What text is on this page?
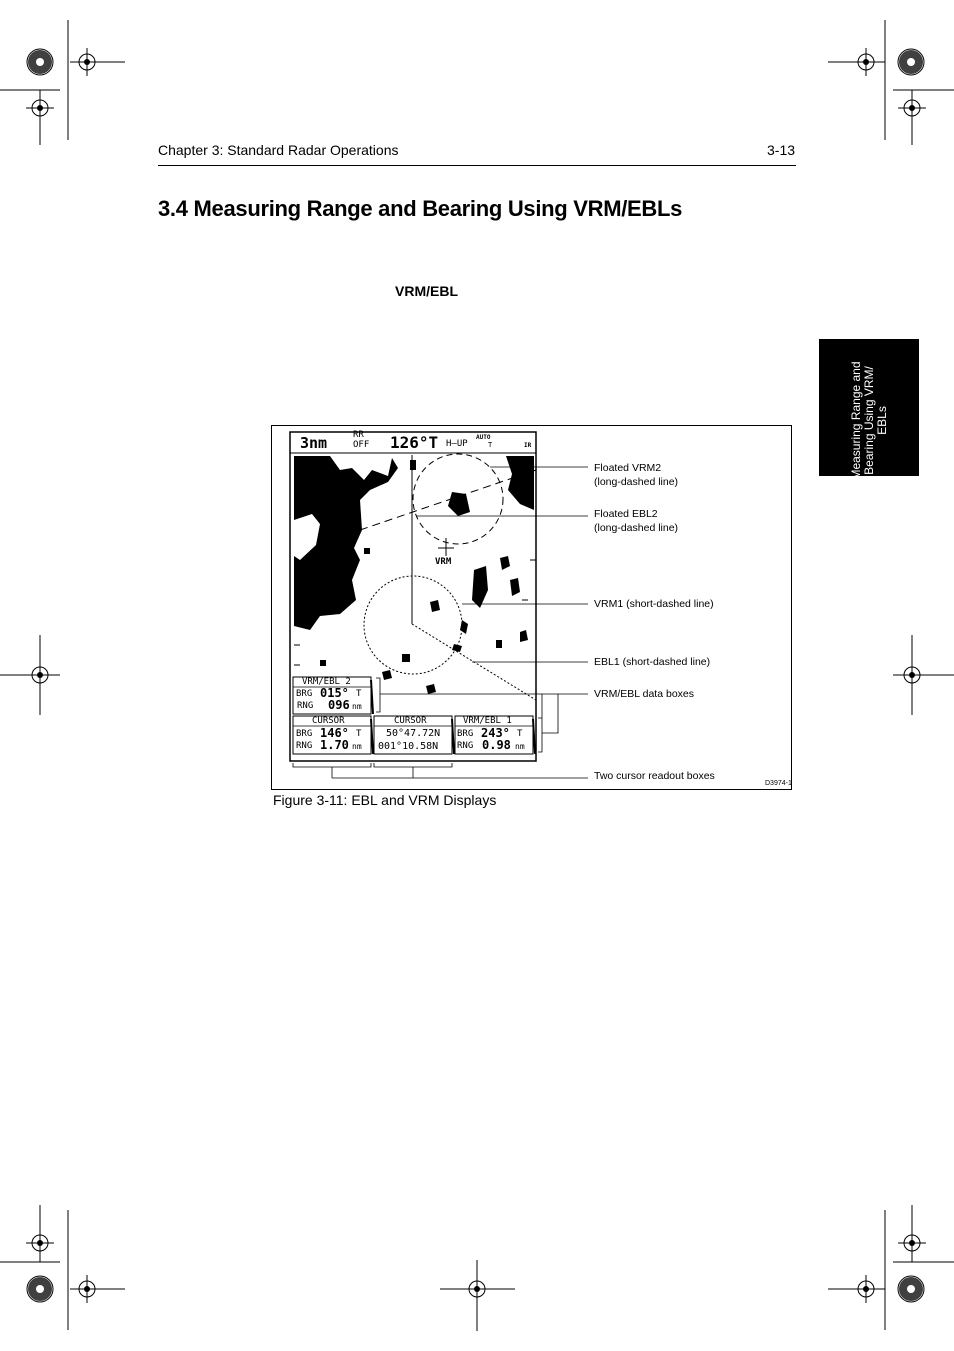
Chapter 3: Standard Radar Operations	3-13
3.4 Measuring Range and Bearing Using VRM/EBLs
VRM/EBL
Measuring Range and Bearing Using VRM/ EBLs
3nm	RR
OFF 126°T H–UP
AUTO
T	IR
VRM
VRM/EBL 2
BRG 015° T
RNG 096 nm
CURSOR
BRG 146° T
RNG 1.70 nm
CURSOR
50°47.72N
001°10.58N
VRM/EBL 1
BRG 243° T
RNG 0.98 nm
Floated VRM2
(long-dashed line)
Floated EBL2
(long-dashed line)
VRM1 (short-dashed line)
EBL1 (short-dashed line)
VRM/EBL data boxes
Two cursor readout boxes
D3974-1
Figure 3-11: EBL and VRM Displays
